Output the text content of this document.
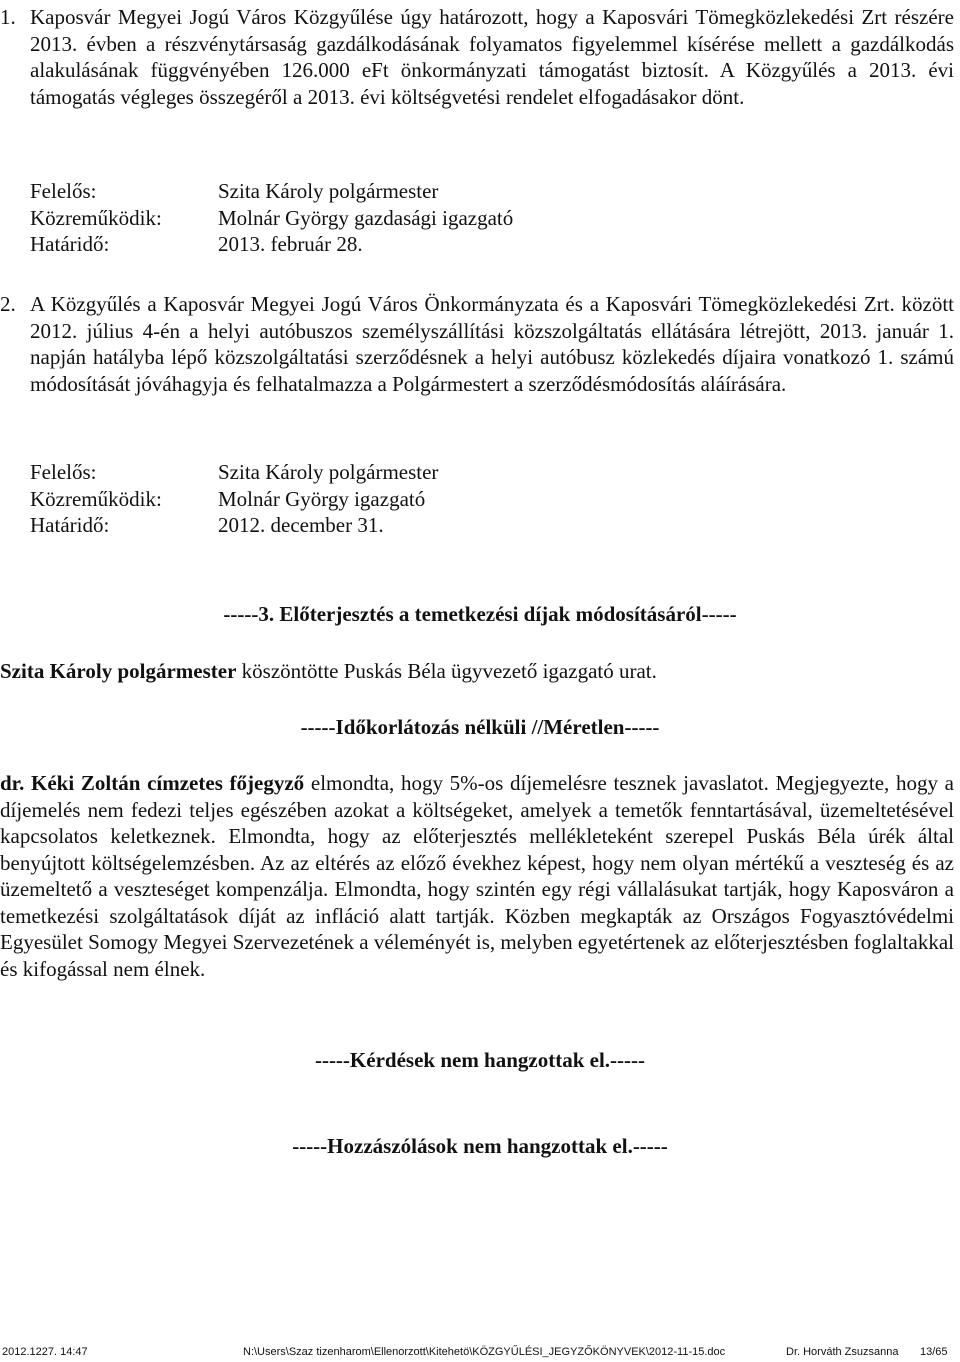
1. Kaposvár Megyei Jogú Város Közgyűlése úgy határozott, hogy a Kaposvári Tömegközlekedési Zrt részére 2013. évben a részvénytársaság gazdálkodásának folyamatos figyelemmel kísérése mellett a gazdálkodás alakulásának függvényében 126.000 eFt önkormányzati támogatást biztosít. A Közgyűlés a 2013. évi támogatás végleges összegéről a 2013. évi költségvetési rendelet elfogadásakor dönt.
Felelős:	Szita Károly polgármester
Közreműködik:	Molnár György gazdasági igazgató
Határidő:	2013. február 28.
2. A Közgyűlés a Kaposvár Megyei Jogú Város Önkormányzata és a Kaposvári Tömegközlekedési Zrt. között 2012. július 4-én a helyi autóbuszos személyszállítási közszolgáltatás ellátására létrejött, 2013. január 1. napján hatályba lépő közszolgáltatási szerződésnek a helyi autóbusz közlekedés díjaira vonatkozó 1. számú módosítását jóváhagyja és felhatalmazza a Polgármestert a szerződésmódosítás aláírására.
Felelős:	Szita Károly polgármester
Közreműködik:	Molnár György igazgató
Határidő:	2012. december 31.

-----3. Előterjesztés a temetkezési díjak módosításáról-----

Szita Károly polgármester köszöntötte Puskás Béla ügyvezető igazgató urat.

-----Időkorlátozás nélküli //Méretlen-----

dr. Kéki Zoltán címzetes főjegyző elmondta, hogy 5%-os díjemelésre tesznek javaslatot. Megjegyezte, hogy a díjemelés nem fedezi teljes egészében azokat a költségeket, amelyek a temetők fenntartásával, üzemeltetésével kapcsolatos keletkeznek. Elmondta, hogy az előterjesztés mellékleteként szerepel Puskás Béla úrék által benyújtott költségelemzésben. Az az eltérés az előző évekhez képest, hogy nem olyan mértékű a veszteség és az üzemeltető a veszteséget kompenzálja. Elmondta, hogy szintén egy régi vállalásukat tartják, hogy Kaposváron a temetkezési szolgáltatások díját az infláció alatt tartják. Közben megkapták az Országos Fogyasztóvédelmi Egyesület Somogy Megyei Szervezetének a véleményét is, melyben egyetértenek az előterjesztésben foglaltakkal és kifogással nem élnek.

-----Kérdések nem hangzottak el.-----

-----Hozzászólások nem hangzottak el.-----

2012.1227. 14:47	N:\Users\Szaz tizenharom\Ellenorzott\Kitehetö\KÖZGYŰLÉSI_JEGYZŐKÖNYVEK\2012-11-15.doc	Dr. Horváth Zsuzsanna 13/65
